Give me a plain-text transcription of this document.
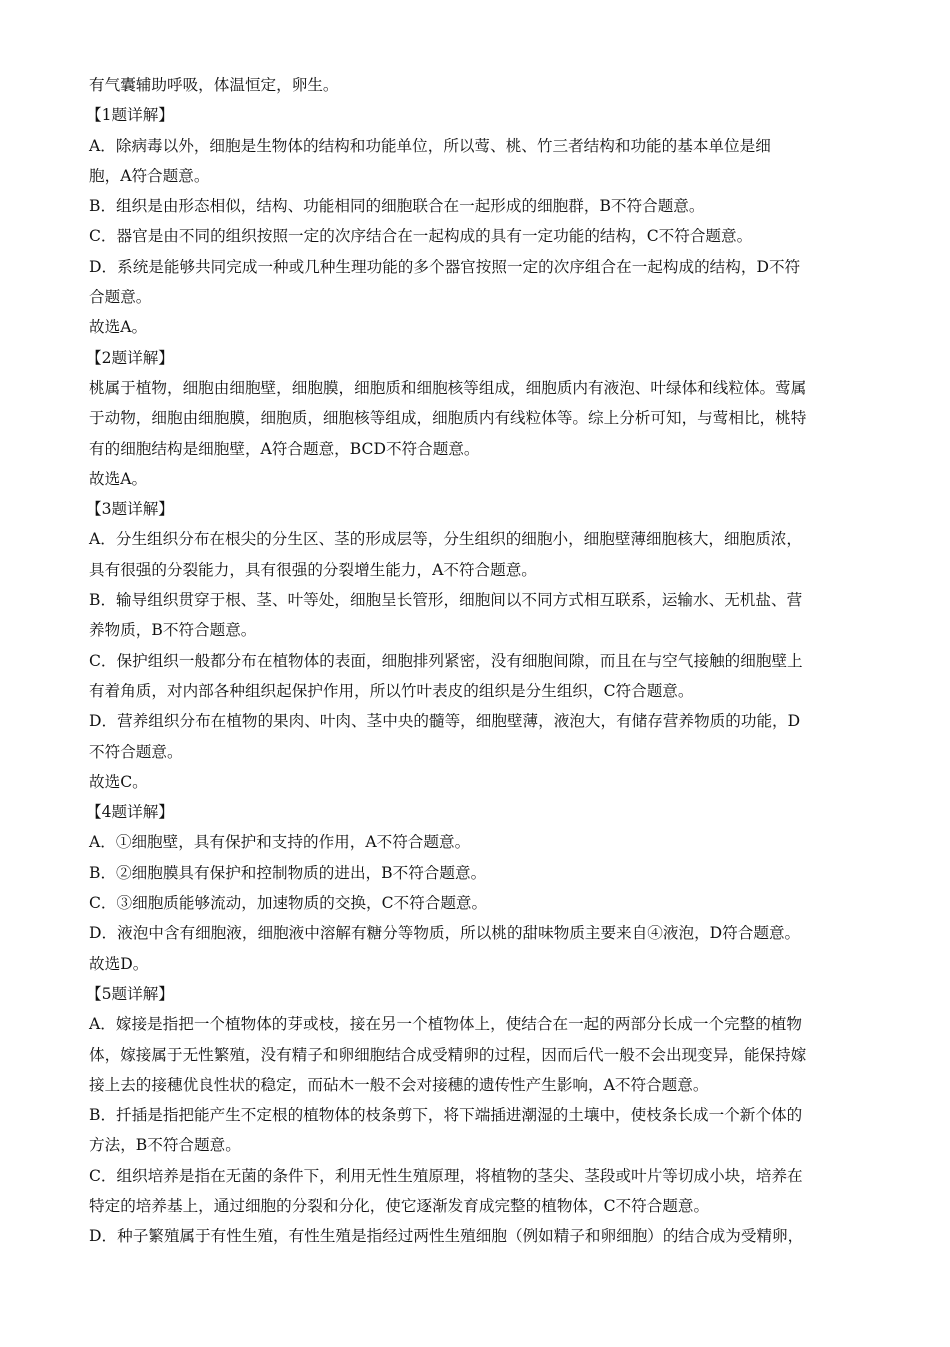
有气囊辅助呼吸，体温恒定，卵生。
【1题详解】
A．除病毒以外，细胞是生物体的结构和功能单位，所以莺、桃、竹三者结构和功能的基本单位是细
胞，A符合题意。
B．组织是由形态相似，结构、功能相同的细胞联合在一起形成的细胞群，B不符合题意。
C．器官是由不同的组织按照一定的次序结合在一起构成的具有一定功能的结构，C不符合题意。
D．系统是能够共同完成一种或几种生理功能的多个器官按照一定的次序组合在一起构成的结构，D不符
合题意。
故选A。
【2题详解】
桃属于植物，细胞由细胞壁，细胞膜，细胞质和细胞核等组成，细胞质内有液泡、叶绿体和线粒体。莺属
于动物，细胞由细胞膜，细胞质，细胞核等组成，细胞质内有线粒体等。综上分析可知，与莺相比，桃特
有的细胞结构是细胞壁，A符合题意，BCD不符合题意。
故选A。
【3题详解】
A．分生组织分布在根尖的分生区、茎的形成层等，分生组织的细胞小，细胞壁薄细胞核大，细胞质浓，
具有很强的分裂能力，具有很强的分裂增生能力，A不符合题意。
B．输导组织贯穿于根、茎、叶等处，细胞呈长管形，细胞间以不同方式相互联系，运输水、无机盐、营
养物质，B不符合题意。
C．保护组织一般都分布在植物体的表面，细胞排列紧密，没有细胞间隙，而且在与空气接触的细胞壁上
有着角质，对内部各种组织起保护作用，所以竹叶表皮的组织是分生组织，C符合题意。
D．营养组织分布在植物的果肉、叶肉、茎中央的髓等，细胞壁薄，液泡大，有储存营养物质的功能，D
不符合题意。
故选C。
【4题详解】
A．①细胞壁，具有保护和支持的作用，A不符合题意。
B．②细胞膜具有保护和控制物质的进出，B不符合题意。
C．③细胞质能够流动，加速物质的交换，C不符合题意。
D．液泡中含有细胞液，细胞液中溶解有糖分等物质，所以桃的甜味物质主要来自④液泡，D符合题意。
故选D。
【5题详解】
A．嫁接是指把一个植物体的芽或枝，接在另一个植物体上，使结合在一起的两部分长成一个完整的植物
体，嫁接属于无性繁殖，没有精子和卵细胞结合成受精卵的过程，因而后代一般不会出现变异，能保持嫁
接上去的接穗优良性状的稳定，而砧木一般不会对接穗的遗传性产生影响，A不符合题意。
B．扦插是指把能产生不定根的植物体的枝条剪下，将下端插进潮湿的土壤中，使枝条长成一个新个体的
方法，B不符合题意。
C．组织培养是指在无菌的条件下，利用无性生殖原理，将植物的茎尖、茎段或叶片等切成小块，培养在
特定的培养基上，通过细胞的分裂和分化，使它逐渐发育成完整的植物体，C不符合题意。
D．种子繁殖属于有性生殖，有性生殖是指经过两性生殖细胞（例如精子和卵细胞）的结合成为受精卵，
